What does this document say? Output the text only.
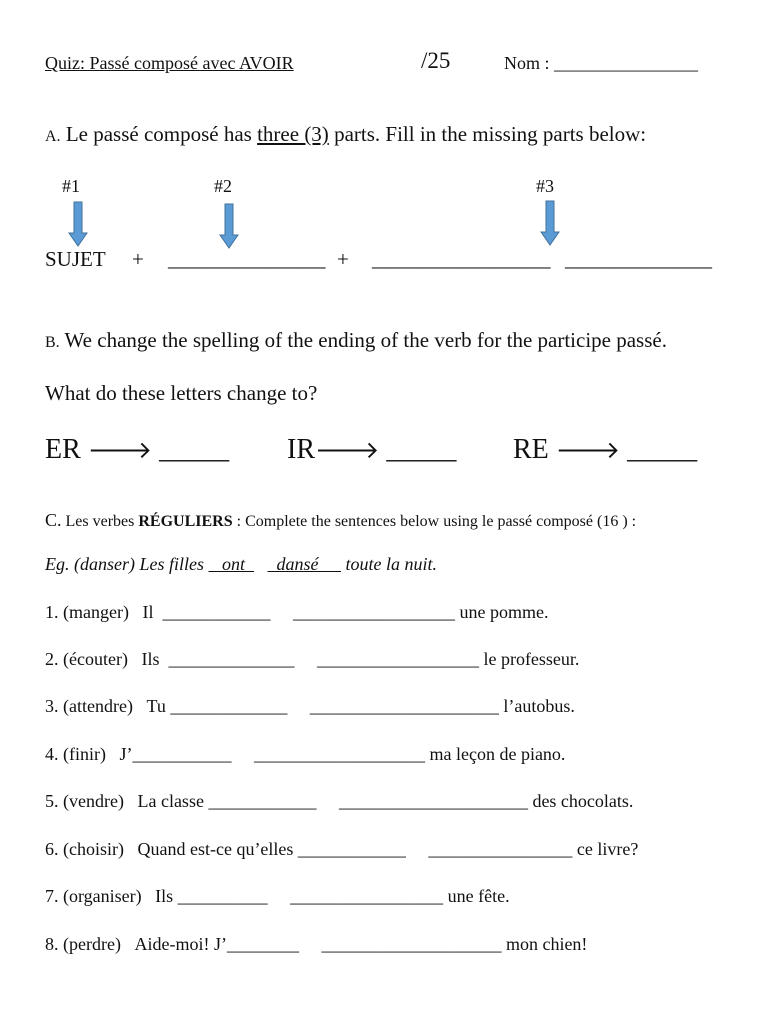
Quiz: Passé composé avec AVOIR	/25	Nom : ________________
A. Le passé composé has three (3) parts. Fill in the missing parts below:
#1	#2	#3
SUJET + _______________ + _________________ ______________
B. We change the spelling of the ending of the verb for the participe passé.
What do these letters change to?
ER 🡒 _____ IR🡒 _____ RE 🡒 _____
C. Les verbes RÉGULIERS : Complete the sentences below using le passé composé (16 ) :
Eg. (danser) Les filles    ont dansé      toute la nuit.
1. (manger) Il ____________ __________________ une pomme.
2. (écouter) Ils ______________ __________________ le professeur.
3. (attendre) Tu _____________ _____________________ l’autobus.
4. (finir) J’___________ ___________________ ma leçon de piano.
5. (vendre) La classe ____________ _____________________ des chocolats.
6. (choisir) Quand est-ce qu’elles ____________ ________________ ce livre?
7. (organiser) Ils __________ _________________ une fête.
8. (perdre) Aide-moi! J’________ ____________________ mon chien!
